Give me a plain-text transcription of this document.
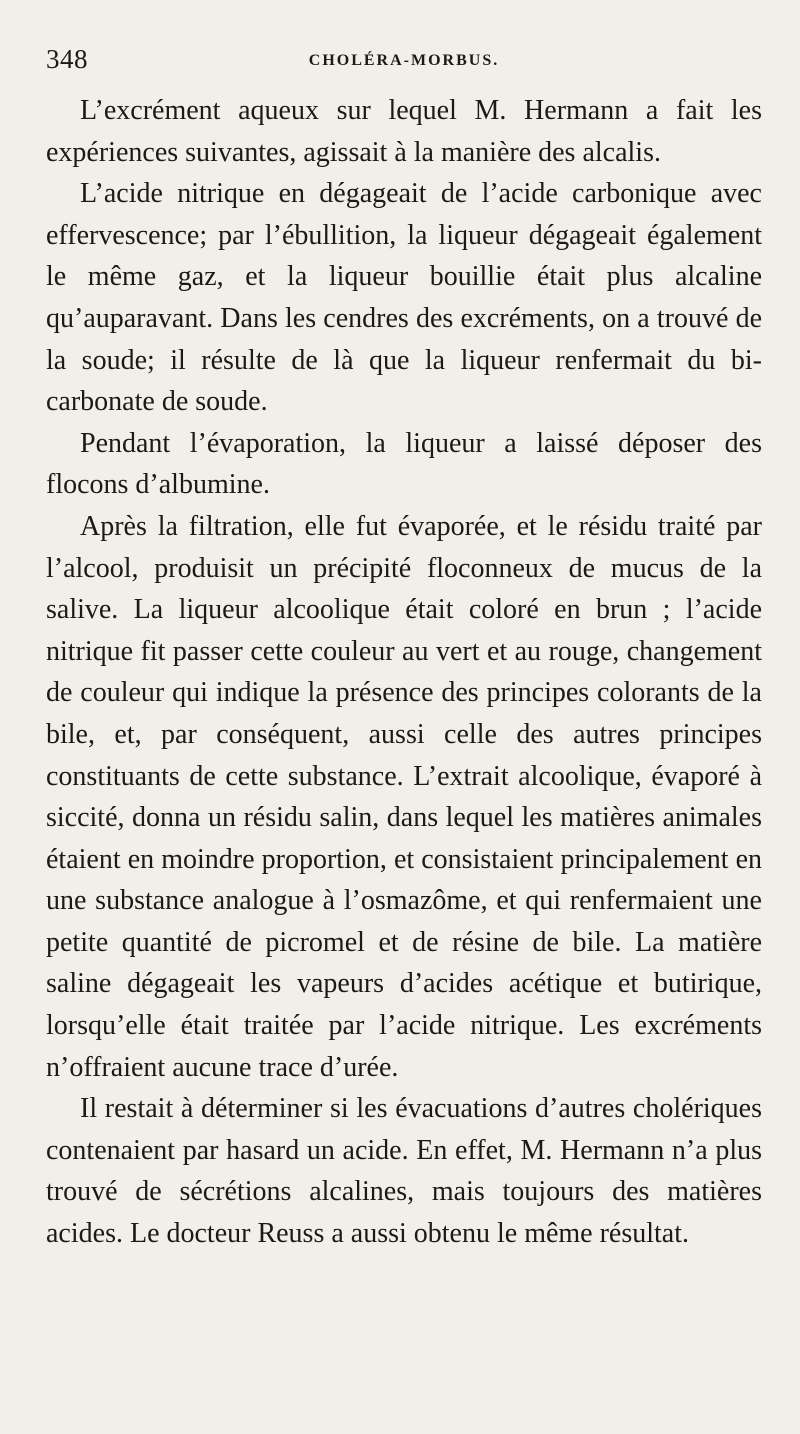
348	CHOLÉRA-MORBUS.

L’excrément aqueux sur lequel M. Hermann a fait les expériences suivantes, agissait à la manière des alcalis.

L’acide nitrique en dégageait de l’acide carbonique avec effervescence; par l’ébullition, la liqueur dégageait également le même gaz, et la liqueur bouillie était plus alcaline qu’auparavant. Dans les cendres des excréments, on a trouvé de la soude; il résulte de là que la liqueur renfermait du bi-carbonate de soude.

Pendant l’évaporation, la liqueur a laissé déposer des flocons d’albumine.

Après la filtration, elle fut évaporée, et le résidu traité par l’alcool, produisit un précipité floconneux de mucus de la salive. La liqueur alcoolique était coloré en brun ; l’acide nitrique fit passer cette couleur au vert et au rouge, changement de couleur qui indique la présence des principes colorants de la bile, et, par conséquent, aussi celle des autres principes constituants de cette substance. L’extrait alcoolique, évaporé à siccité, donna un résidu salin, dans lequel les matières animales étaient en moindre proportion, et consistaient principalement en une substance analogue à l’osmazôme, et qui renfermaient une petite quantité de picromel et de résine de bile. La matière saline dégageait les vapeurs d’acides acétique et butirique, lorsqu’elle était traitée par l’acide nitrique. Les excréments n’offraient aucune trace d’urée.

Il restait à déterminer si les évacuations d’autres cholériques contenaient par hasard un acide. En effet, M. Hermann n’a plus trouvé de sécrétions alcalines, mais toujours des matières acides. Le docteur Reuss a aussi obtenu le même résultat.
